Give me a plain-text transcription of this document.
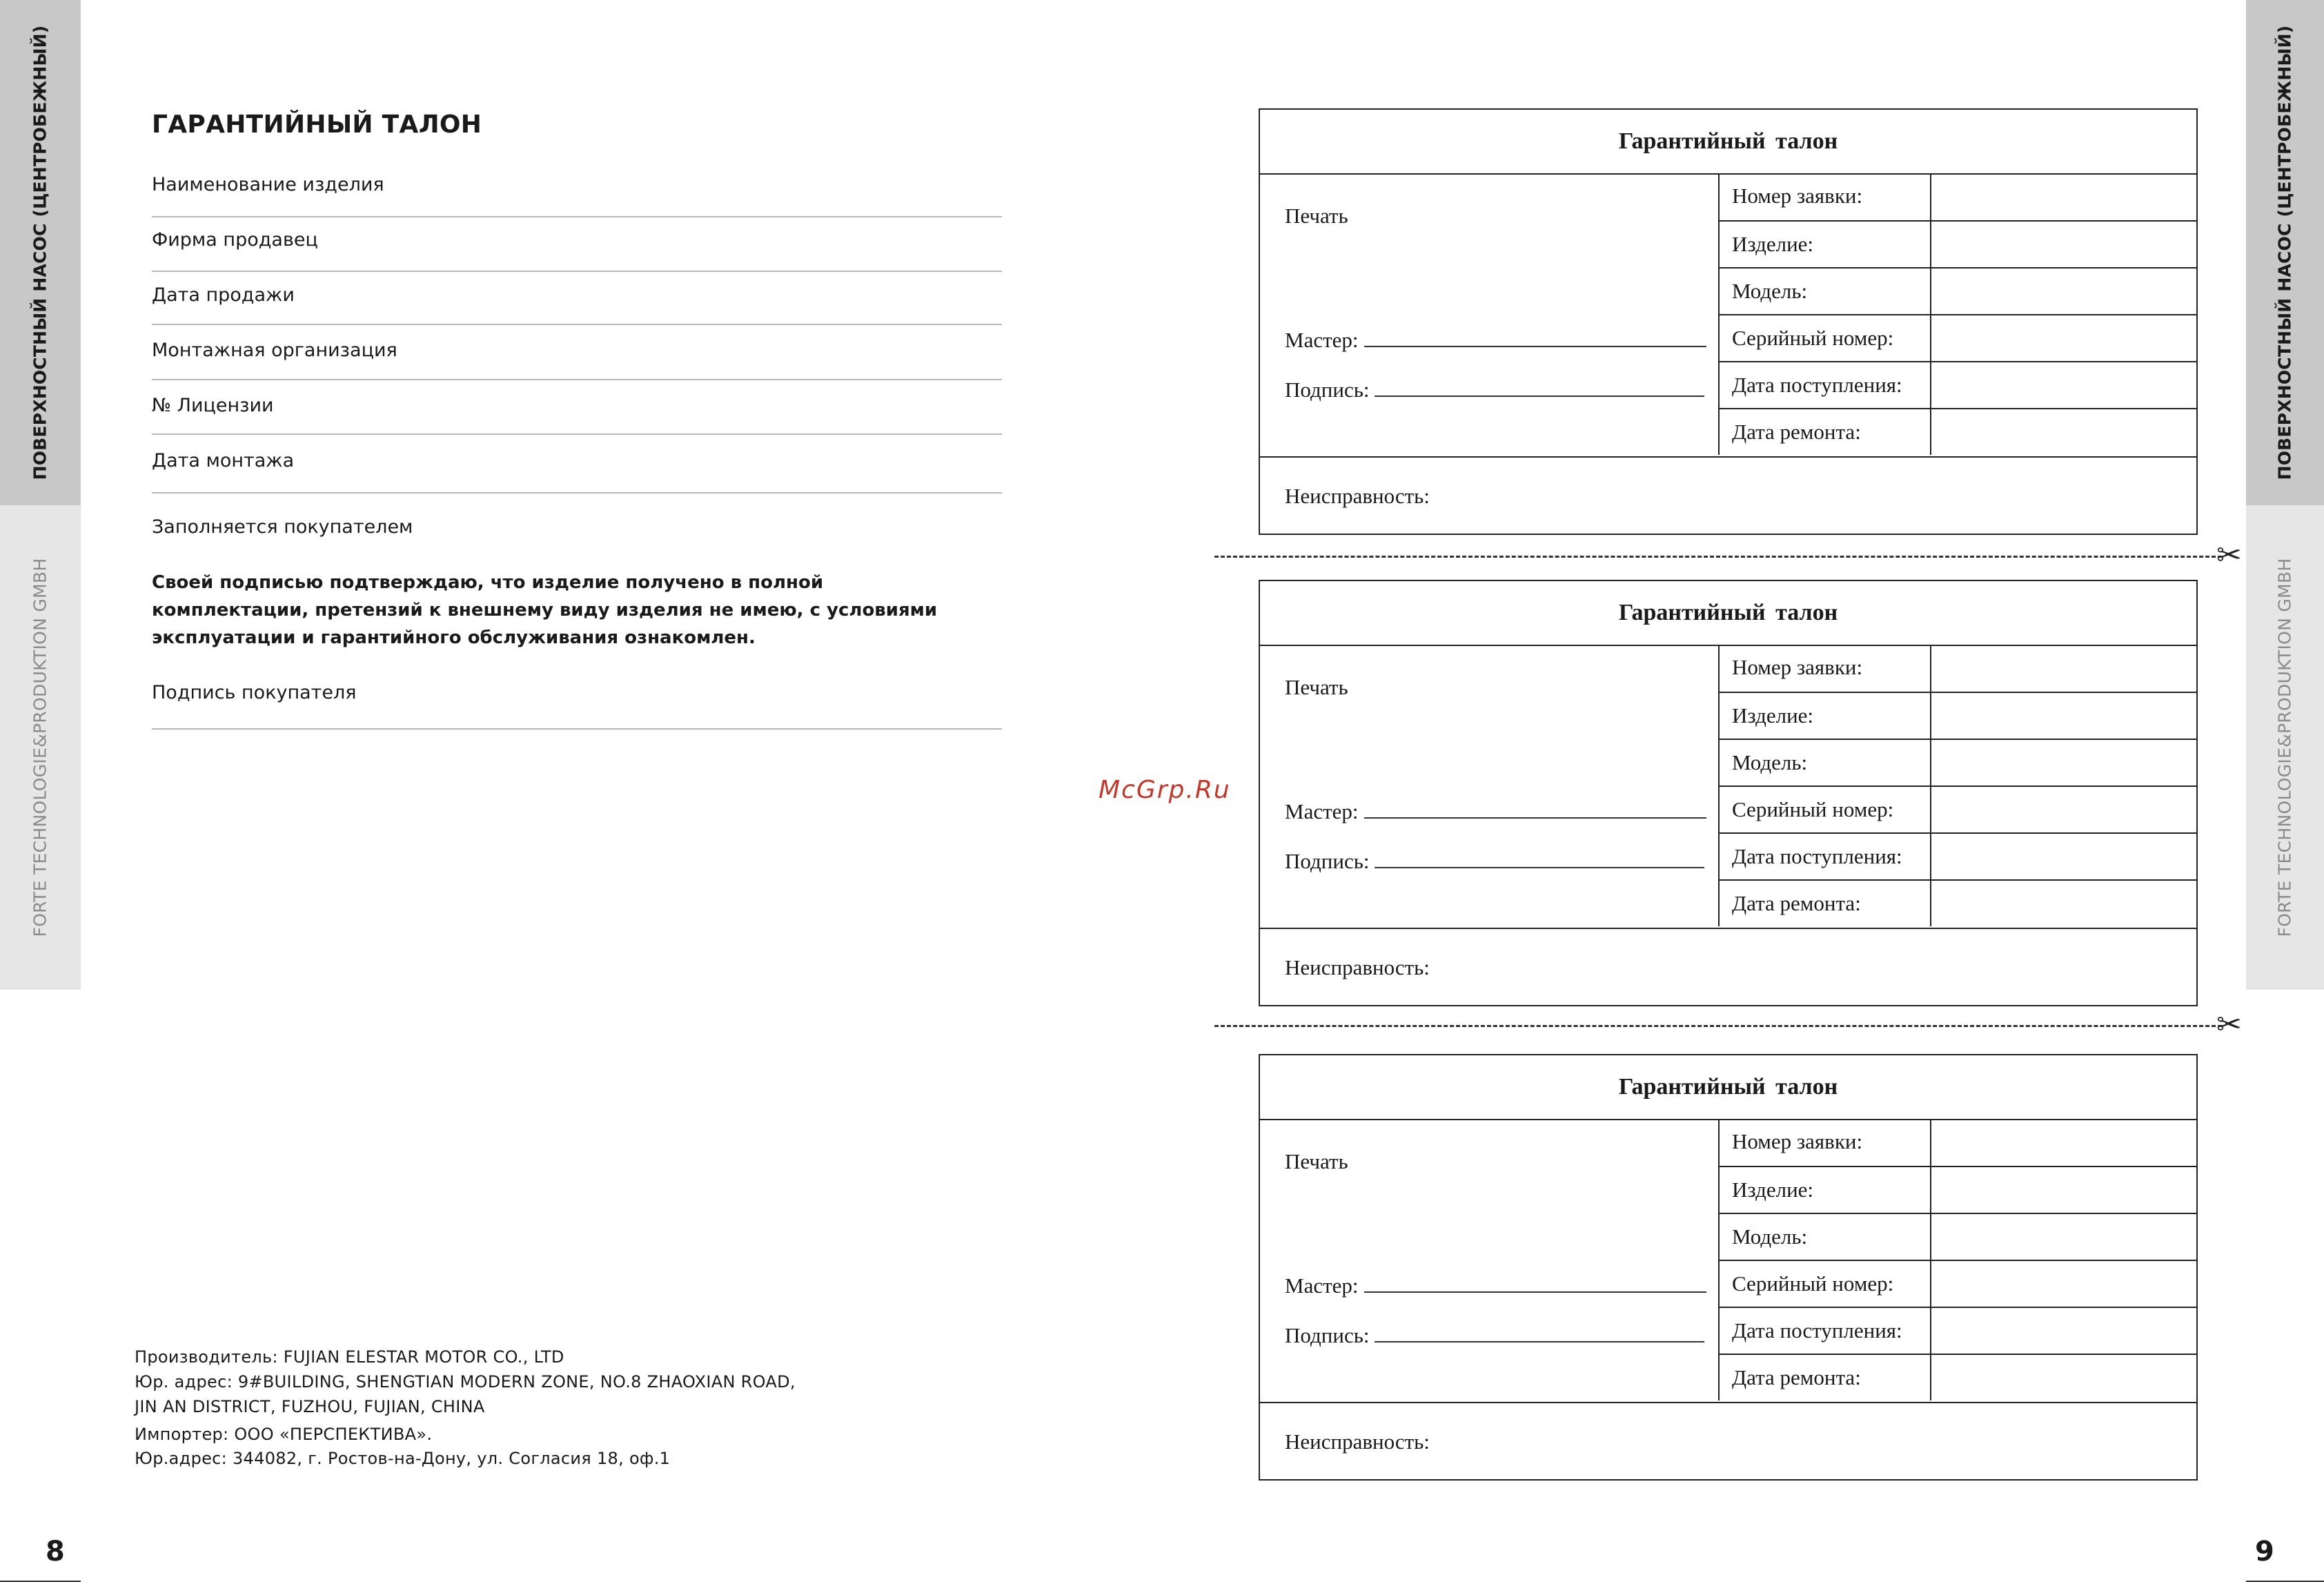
ПОВЕРХНОСТНЫЙ НАСОС (ЦЕНТРОБЕЖНЫЙ)
FORTE TECHNOLOGIE&PRODUKTION GMBH
ПОВЕРХНОСТНЫЙ НАСОС (ЦЕНТРОБЕЖНЫЙ)
FORTE TECHNOLOGIE&PRODUKTION GMBH
8	9
ГАРАНТИЙНЫЙ ТАЛОН
Наименование изделия
Фирма продавец
Дата продажи
Монтажная организация
№ Лицензии
Дата монтажа
Заполняется покупателем
Своей подписью подтверждаю, что изделие получено в полной комплектации, претензий к внешнему виду изделия не имею, с условиями эксплуатации и гарантийного обслуживания ознакомлен.
Подпись покупателя
Производитель: FUJIAN ELESTAR MOTOR CO., LTD
Юр. адрес: 9#BUILDING, SHENGTIAN MODERN ZONE, NO.8 ZHAOXIAN ROAD,
JIN AN DISTRICT, FUZHOU, FUJIAN, CHINA
Импортер: ООО «ПЕРСПЕКТИВА».
Юр.адрес: 344082, г. Ростов-на-Дону, ул. Согласия 18, оф.1
McGrp.Ru
Гарантийный талон
Печать
Мастер:
Подпись:
Номер заявки:
Изделие:
Модель:
Серийный номер:
Дата поступления:
Дата ремонта:
Неисправность:
✂
Гарантийный талон
Печать
Мастер:
Подпись:
Номер заявки:
Изделие:
Модель:
Серийный номер:
Дата поступления:
Дата ремонта:
Неисправность:
✂
Гарантийный талон
Печать
Мастер:
Подпись:
Номер заявки:
Изделие:
Модель:
Серийный номер:
Дата поступления:
Дата ремонта:
Неисправность:
